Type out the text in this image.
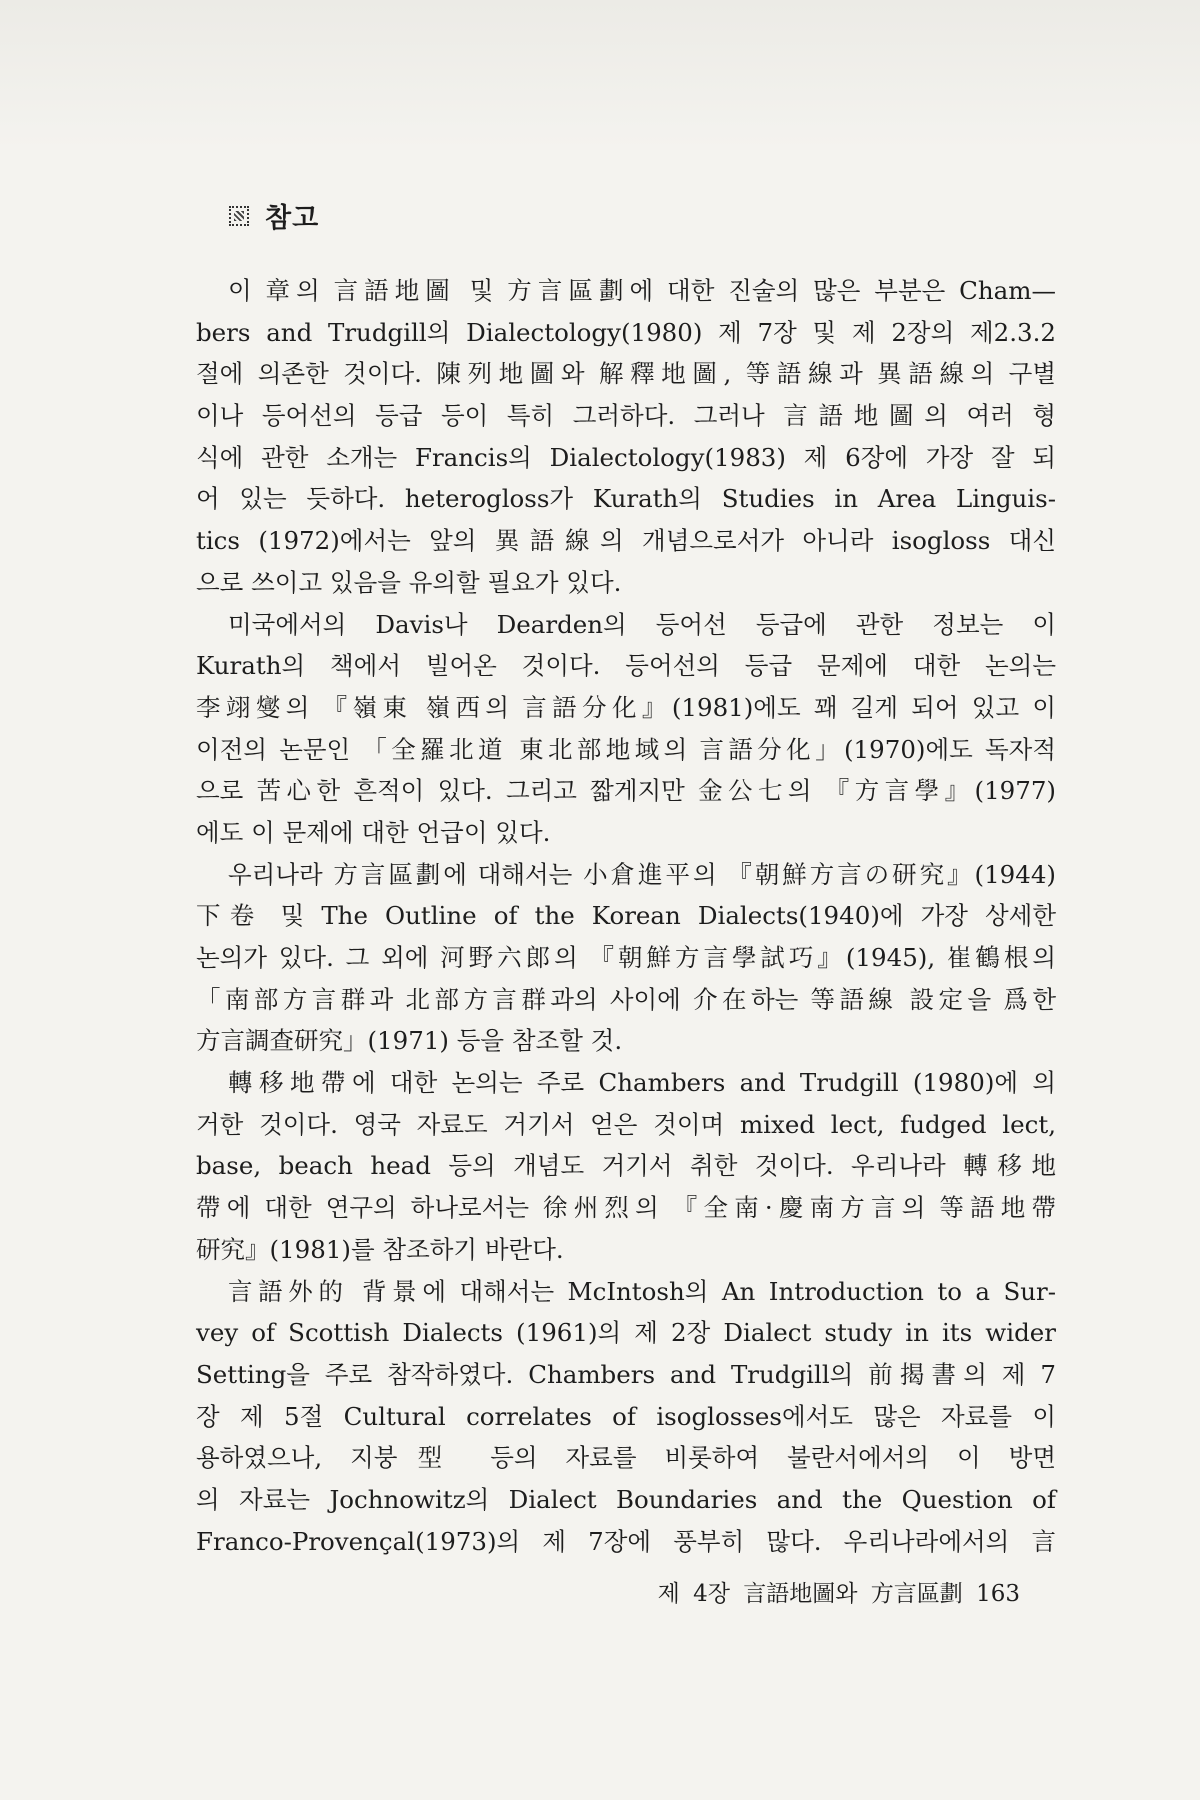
참고
이 章의 言語地圖 및 方言區劃에 대한 진술의 많은 부분은 Cham—
bers and Trudgill의 Dialectology(1980) 제 7장 및 제 2장의 제2.3.2
절에 의존한 것이다. 陳列地圖와 解釋地圖, 等語線과 異語線의 구별
이나 등어선의 등급 등이 특히 그러하다. 그러나 言語地圖의 여러 형
식에 관한 소개는 Francis의 Dialectology(1983) 제 6장에 가장 잘 되
어 있는 듯하다. heterogloss가 Kurath의 Studies in Area Linguis-
tics (1972)에서는 앞의 異語線의 개념으로서가 아니라 isogloss 대신
으로 쓰이고 있음을 유의할 필요가 있다.
미국에서의 Davis나 Dearden의 등어선 등급에 관한 정보는 이
Kurath의 책에서 빌어온 것이다. 등어선의 등급 문제에 대한 논의는
李翊燮의 『嶺東 嶺西의 言語分化』(1981)에도 꽤 길게 되어 있고 이
이전의 논문인 「全羅北道 東北部地域의 言語分化」(1970)에도 독자적
으로 苦心한 흔적이 있다. 그리고 짧게지만 金公七의 『方言學』(1977)
에도 이 문제에 대한 언급이 있다.
우리나라 方言區劃에 대해서는 小倉進平의 『朝鮮方言の研究』(1944)
下卷 및 The Outline of the Korean Dialects(1940)에 가장 상세한
논의가 있다. 그 외에 河野六郎의 『朝鮮方言學試巧』(1945), 崔鶴根의
「南部方言群과 北部方言群과의 사이에 介在하는 等語線 設定을 爲한
方言調查研究」(1971) 등을 참조할 것.
轉移地帶에 대한 논의는 주로 Chambers and Trudgill (1980)에 의
거한 것이다. 영국 자료도 거기서 얻은 것이며 mixed lect, fudged lect,
base, beach head 등의 개념도 거기서 취한 것이다. 우리나라 轉移地
帶에 대한 연구의 하나로서는 徐州烈의 『全南·慶南方言의 等語地帶
研究』(1981)를 참조하기 바란다.
言語外的 背景에 대해서는 McIntosh의 An Introduction to a Sur-
vey of Scottish Dialects (1961)의 제 2장 Dialect study in its wider
Setting을 주로 참작하였다. Chambers and Trudgill의 前揭書의 제 7
장 제 5절 Cultural correlates of isoglosses에서도 많은 자료를 이
용하였으나, 지붕型 등의 자료를 비롯하여 불란서에서의 이 방면
의 자료는 Jochnowitz의 Dialect Boundaries and the Question of
Franco-Provençal(1973)의 제 7장에 풍부히 많다. 우리나라에서의 言
제 4장 言語地圖와 方言區劃 163
